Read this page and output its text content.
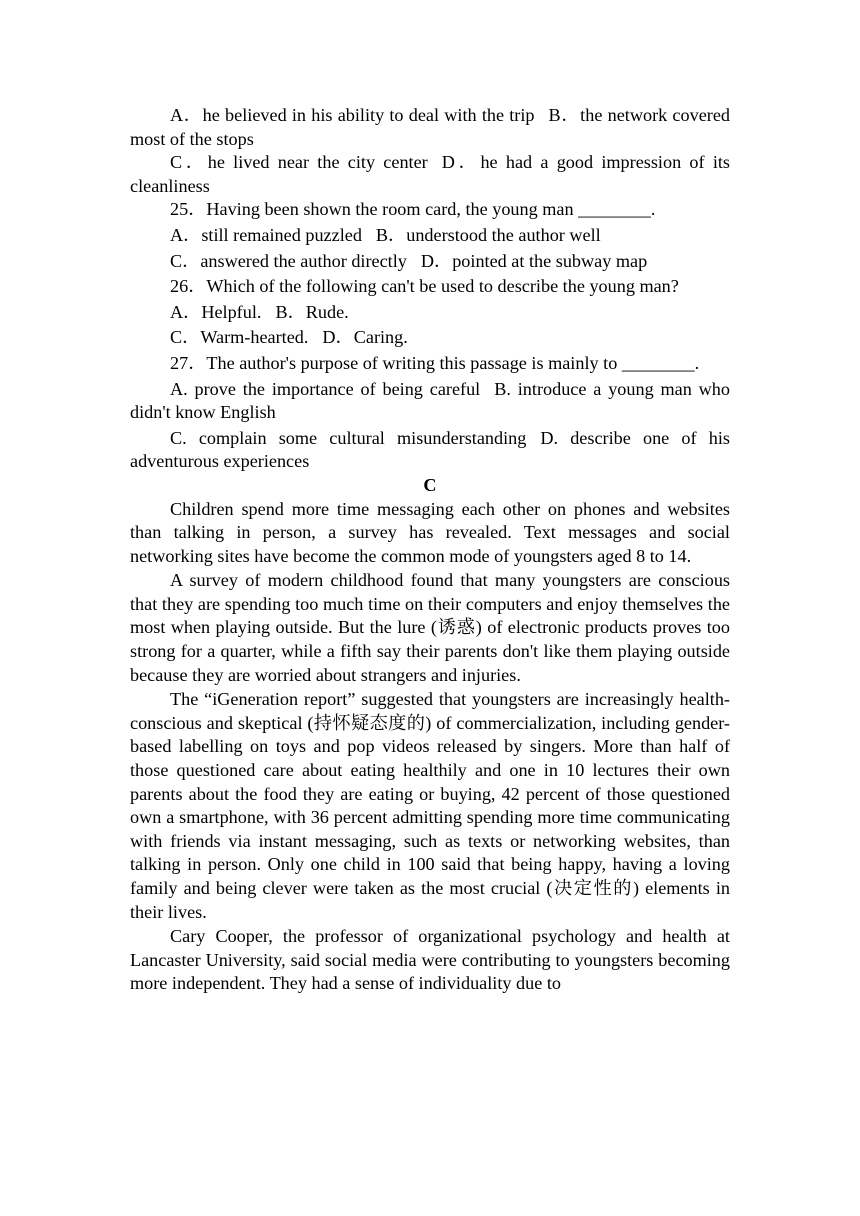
A．he believed in his ability to deal with the trip B．the network covered most of the stops

C．he lived near the city center D．he had a good impression of its cleanliness

25．Having been shown the room card, the young man ________.

A．still remained puzzled B．understood the author well

C．answered the author directly D．pointed at the subway map

26．Which of the following can't be used to describe the young man?

A．Helpful. B．Rude.

C．Warm-hearted. D．Caring.

27．The author's purpose of writing this passage is mainly to ________.

A. prove the importance of being careful B. introduce a young man who didn't know English

C. complain some cultural misunderstanding D. describe one of his adventurous experiences

C

Children spend more time messaging each other on phones and websites than talking in person, a survey has revealed. Text messages and social networking sites have become the common mode of youngsters aged 8 to 14.

A survey of modern childhood found that many youngsters are conscious that they are spending too much time on their computers and enjoy themselves the most when playing outside. But the lure (诱惑) of electronic products proves too strong for a quarter, while a fifth say their parents don't like them playing outside because they are worried about strangers and injuries.

The “iGeneration report” suggested that youngsters are increasingly health-conscious and skeptical (持怀疑态度的) of commercialization, including gender-based labelling on toys and pop videos released by singers. More than half of those questioned care about eating healthily and one in 10 lectures their own parents about the food they are eating or buying, 42 percent of those questioned own a smartphone, with 36 percent admitting spending more time communicating with friends via instant messaging, such as texts or networking websites, than talking in person. Only one child in 100 said that being happy, having a loving family and being clever were taken as the most crucial (决定性的) elements in their lives.

Cary Cooper, the professor of organizational psychology and health at Lancaster University, said social media were contributing to youngsters becoming more independent. They had a sense of individuality due to
